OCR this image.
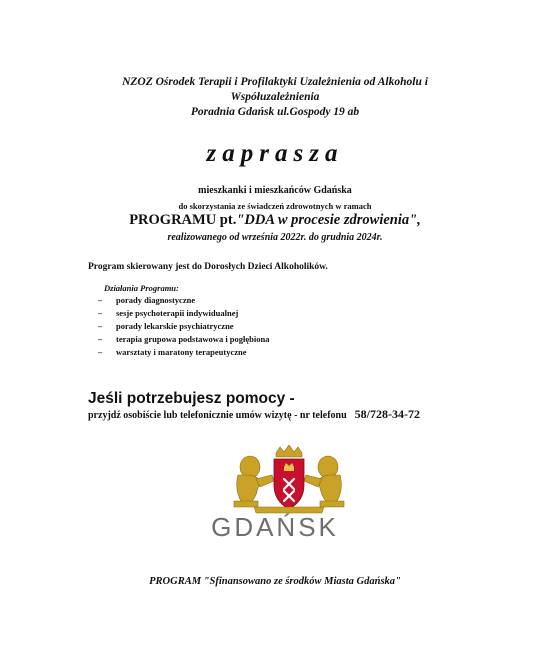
NZOZ Ośrodek Terapii i Profilaktyki Uzależnienia od Alkoholu i
Współuzależnienia
Poradnia Gdańsk ul.Gospody 19 ab
zaprasza
mieszkanki i mieszkańców Gdańska
do skorzystania ze świadczeń zdrowotnych w ramach
PROGRAMU pt."DDA w procesie zdrowienia",
realizowanego od września 2022r. do grudnia 2024r.
Program skierowany jest do Dorosłych Dzieci Alkoholików.
Działania Programu:
– porady diagnostyczne
– sesje psychoterapii indywidualnej
– porady lekarskie psychiatryczne
– terapia grupowa podstawowa i pogłębiona
– warsztaty i maratony terapeutyczne
Jeśli potrzebujesz pomocy -
przyjdź osobiście lub telefonicznie umów wizytę - nr telefonu 58/728-34-72
GDAŃSK
PROGRAM "Sfinansowano ze środków Miasta Gdańska"
